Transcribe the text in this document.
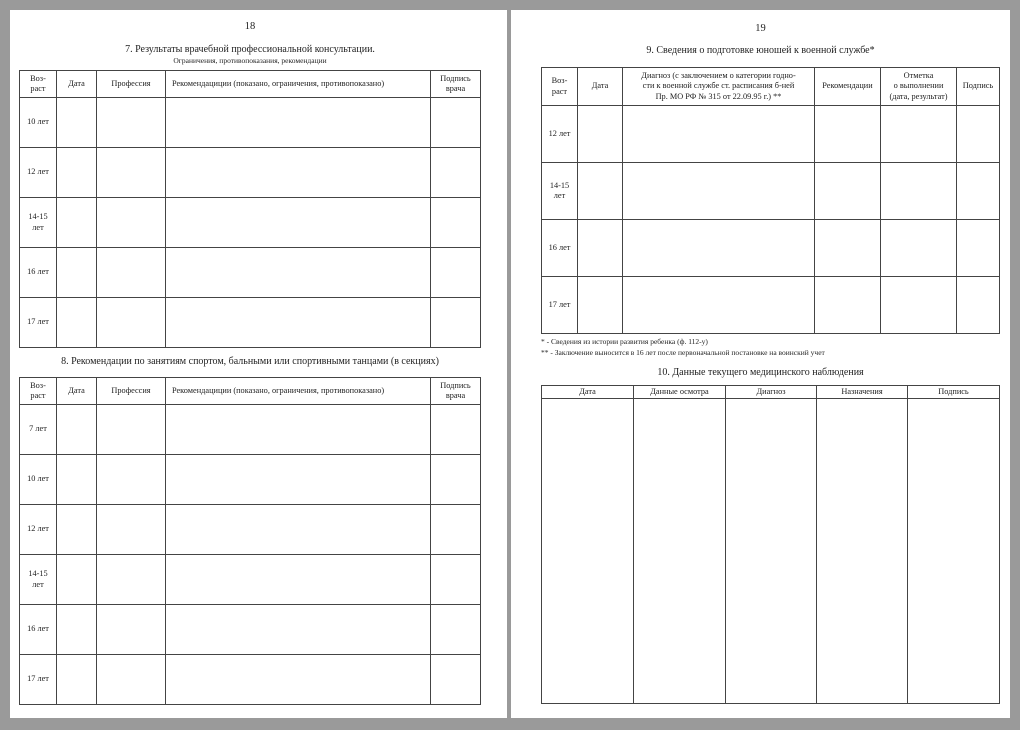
18
7. Результаты врачебной профессиональной консультации.
Ограничения, противопоказания, рекомендации
Воз-
раст	Дата	Профессия	Рекомендациции (показано, ограничения, противопоказано)	Подпись
врача
10 лет				
12 лет				
14-15
лет				
16 лет				
17 лет				
8. Рекомендации по занятиям спортом, бальными или спортивными танцами (в секциях)
Воз-
раст	Дата	Профессия	Рекомендациции (показано, ограничения, противопоказано)	Подпись
врача
7 лет				
10 лет				
12 лет				
14-15
лет				
16 лет				
17 лет				
19
9. Сведения о подготовке юношей к военной службе*
Воз-
раст	Дата	Диагноз (с заключением о категории годно-
сти к военной службе ст. расписания б-ней
Пр. МО РФ № 315 от 22.09.95 г.) **	Рекомендации	Отметка
о выполнении
(дата, результат)	Подпись
12 лет					
14-15
лет					
16 лет					
17 лет					
* - Сведения из истории развития ребенка (ф. 112-у)
** - Заключение выносится в 16 лет после первоначальной постановке на воинский учет
10. Данные текущего медицинского наблюдения
Дата	Данные осмотра	Диагноз	Назначения	Подпись
